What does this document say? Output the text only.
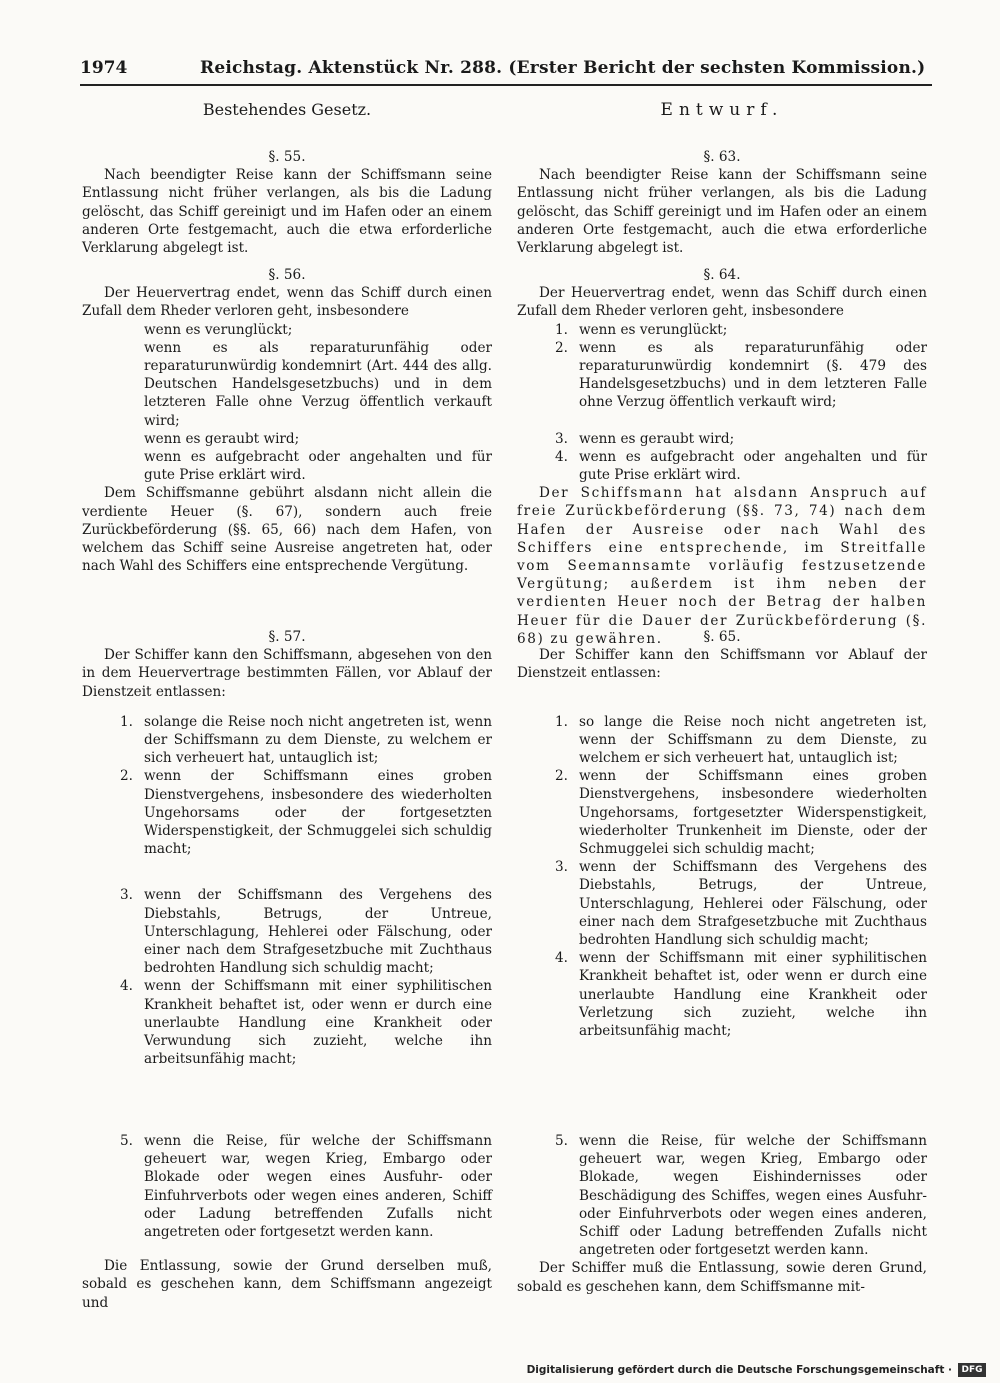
1974	Reichstag. Aktenstück Nr. 288. (Erster Bericht der sechsten Kommission.)
Bestehendes Gesetz.
§. 55.

Nach beendigter Reise kann der Schiffsmann seine Entlassung nicht früher verlangen, als bis die Ladung gelöscht, das Schiff gereinigt und im Hafen oder an einem anderen Orte festgemacht, auch die etwa erforderliche Verklarung abgelegt ist.

§. 56.

Der Heuervertrag endet, wenn das Schiff durch einen Zufall dem Rheder verloren geht, insbesondere

wenn es verunglückt;
wenn es als reparaturunfähig oder reparaturunwürdig kondemnirt (Art. 444 des allg. Deutschen Handelsgesetzbuchs) und in dem letzteren Falle ohne Verzug öffentlich verkauft wird;
wenn es geraubt wird;
wenn es aufgebracht oder angehalten und für gute Prise erklärt wird.

Dem Schiffsmanne gebührt alsdann nicht allein die verdiente Heuer (§. 67), sondern auch freie Zurückbeförderung (§§. 65, 66) nach dem Hafen, von welchem das Schiff seine Ausreise angetreten hat, oder nach Wahl des Schiffers eine entsprechende Vergütung.

§. 57.

Der Schiffer kann den Schiffsmann, abgesehen von den in dem Heuervertrage bestimmten Fällen, vor Ablauf der Dienstzeit entlassen:

1. solange die Reise noch nicht angetreten ist, wenn der Schiffsmann zu dem Dienste, zu welchem er sich verheuert hat, untauglich ist;
2. wenn der Schiffsmann eines groben Dienstvergehens, insbesondere des wiederholten Ungehorsams oder der fortgesetzten Widerspenstigkeit, der Schmuggelei sich schuldig macht;
3. wenn der Schiffsmann des Vergehens des Diebstahls, Betrugs, der Untreue, Unterschlagung, Hehlerei oder Fälschung, oder einer nach dem Strafgesetzbuche mit Zuchthaus bedrohten Handlung sich schuldig macht;
4. wenn der Schiffsmann mit einer syphilitischen Krankheit behaftet ist, oder wenn er durch eine unerlaubte Handlung eine Krankheit oder Verwundung sich zuzieht, welche ihn arbeitsunfähig macht;
5. wenn die Reise, für welche der Schiffsmann geheuert war, wegen Krieg, Embargo oder Blokade oder wegen eines Ausfuhr- oder Einfuhrverbots oder wegen eines anderen, Schiff oder Ladung betreffenden Zufalls nicht angetreten oder fortgesetzt werden kann.

Die Entlassung, sowie der Grund derselben muß, sobald es geschehen kann, dem Schiffsmann angezeigt und

Entwurf.
§. 63.

Nach beendigter Reise kann der Schiffsmann seine Entlassung nicht früher verlangen, als bis die Ladung gelöscht, das Schiff gereinigt und im Hafen oder an einem anderen Orte festgemacht, auch die etwa erforderliche Verklarung abgelegt ist.

§. 64.

Der Heuervertrag endet, wenn das Schiff durch einen Zufall dem Rheder verloren geht, insbesondere

1. wenn es verunglückt;
2. wenn es als reparaturunfähig oder reparaturunwürdig kondemnirt (§. 479 des Handelsgesetzbuchs) und in dem letzteren Falle ohne Verzug öffentlich verkauft wird;
3. wenn es geraubt wird;
4. wenn es aufgebracht oder angehalten und für gute Prise erklärt wird.

Der Schiffsmann hat alsdann Anspruch auf freie Zurückbeförderung (§§. 73, 74) nach dem Hafen der Ausreise oder nach Wahl des Schiffers eine entsprechende, im Streitfalle vom Seemannsamte vorläufig festzusetzende Vergütung; außerdem ist ihm neben der verdienten Heuer noch der Betrag der halben Heuer für die Dauer der Zurückbeförderung (§. 68) zu gewähren.	§. 65.

Der Schiffer kann den Schiffsmann vor Ablauf der Dienstzeit entlassen:

1. so lange die Reise noch nicht angetreten ist, wenn der Schiffsmann zu dem Dienste, zu welchem er sich verheuert hat, untauglich ist;
2. wenn der Schiffsmann eines groben Dienstvergehens, insbesondere wiederholten Ungehorsams, fortgesetzter Widerspenstigkeit, wiederholter Trunkenheit im Dienste, oder der Schmuggelei sich schuldig macht;
3. wenn der Schiffsmann des Vergehens des Diebstahls, Betrugs, der Untreue, Unterschlagung, Hehlerei oder Fälschung, oder einer nach dem Strafgesetzbuche mit Zuchthaus bedrohten Handlung sich schuldig macht;
4. wenn der Schiffsmann mit einer syphilitischen Krankheit behaftet ist, oder wenn er durch eine unerlaubte Handlung eine Krankheit oder Verletzung sich zuzieht, welche ihn arbeitsunfähig macht;
5. wenn die Reise, für welche der Schiffsmann geheuert war, wegen Krieg, Embargo oder Blokade, wegen Eishindernisses oder Beschädigung des Schiffes, wegen eines Ausfuhr- oder Einfuhrverbots oder wegen eines anderen, Schiff oder Ladung betreffenden Zufalls nicht angetreten oder fortgesetzt werden kann.

Der Schiffer muß die Entlassung, sowie deren Grund, sobald es geschehen kann, dem Schiffsmanne mit-

Digitalisierung gefördert durch die Deutsche Forschungsgemeinschaft ·	DFG
